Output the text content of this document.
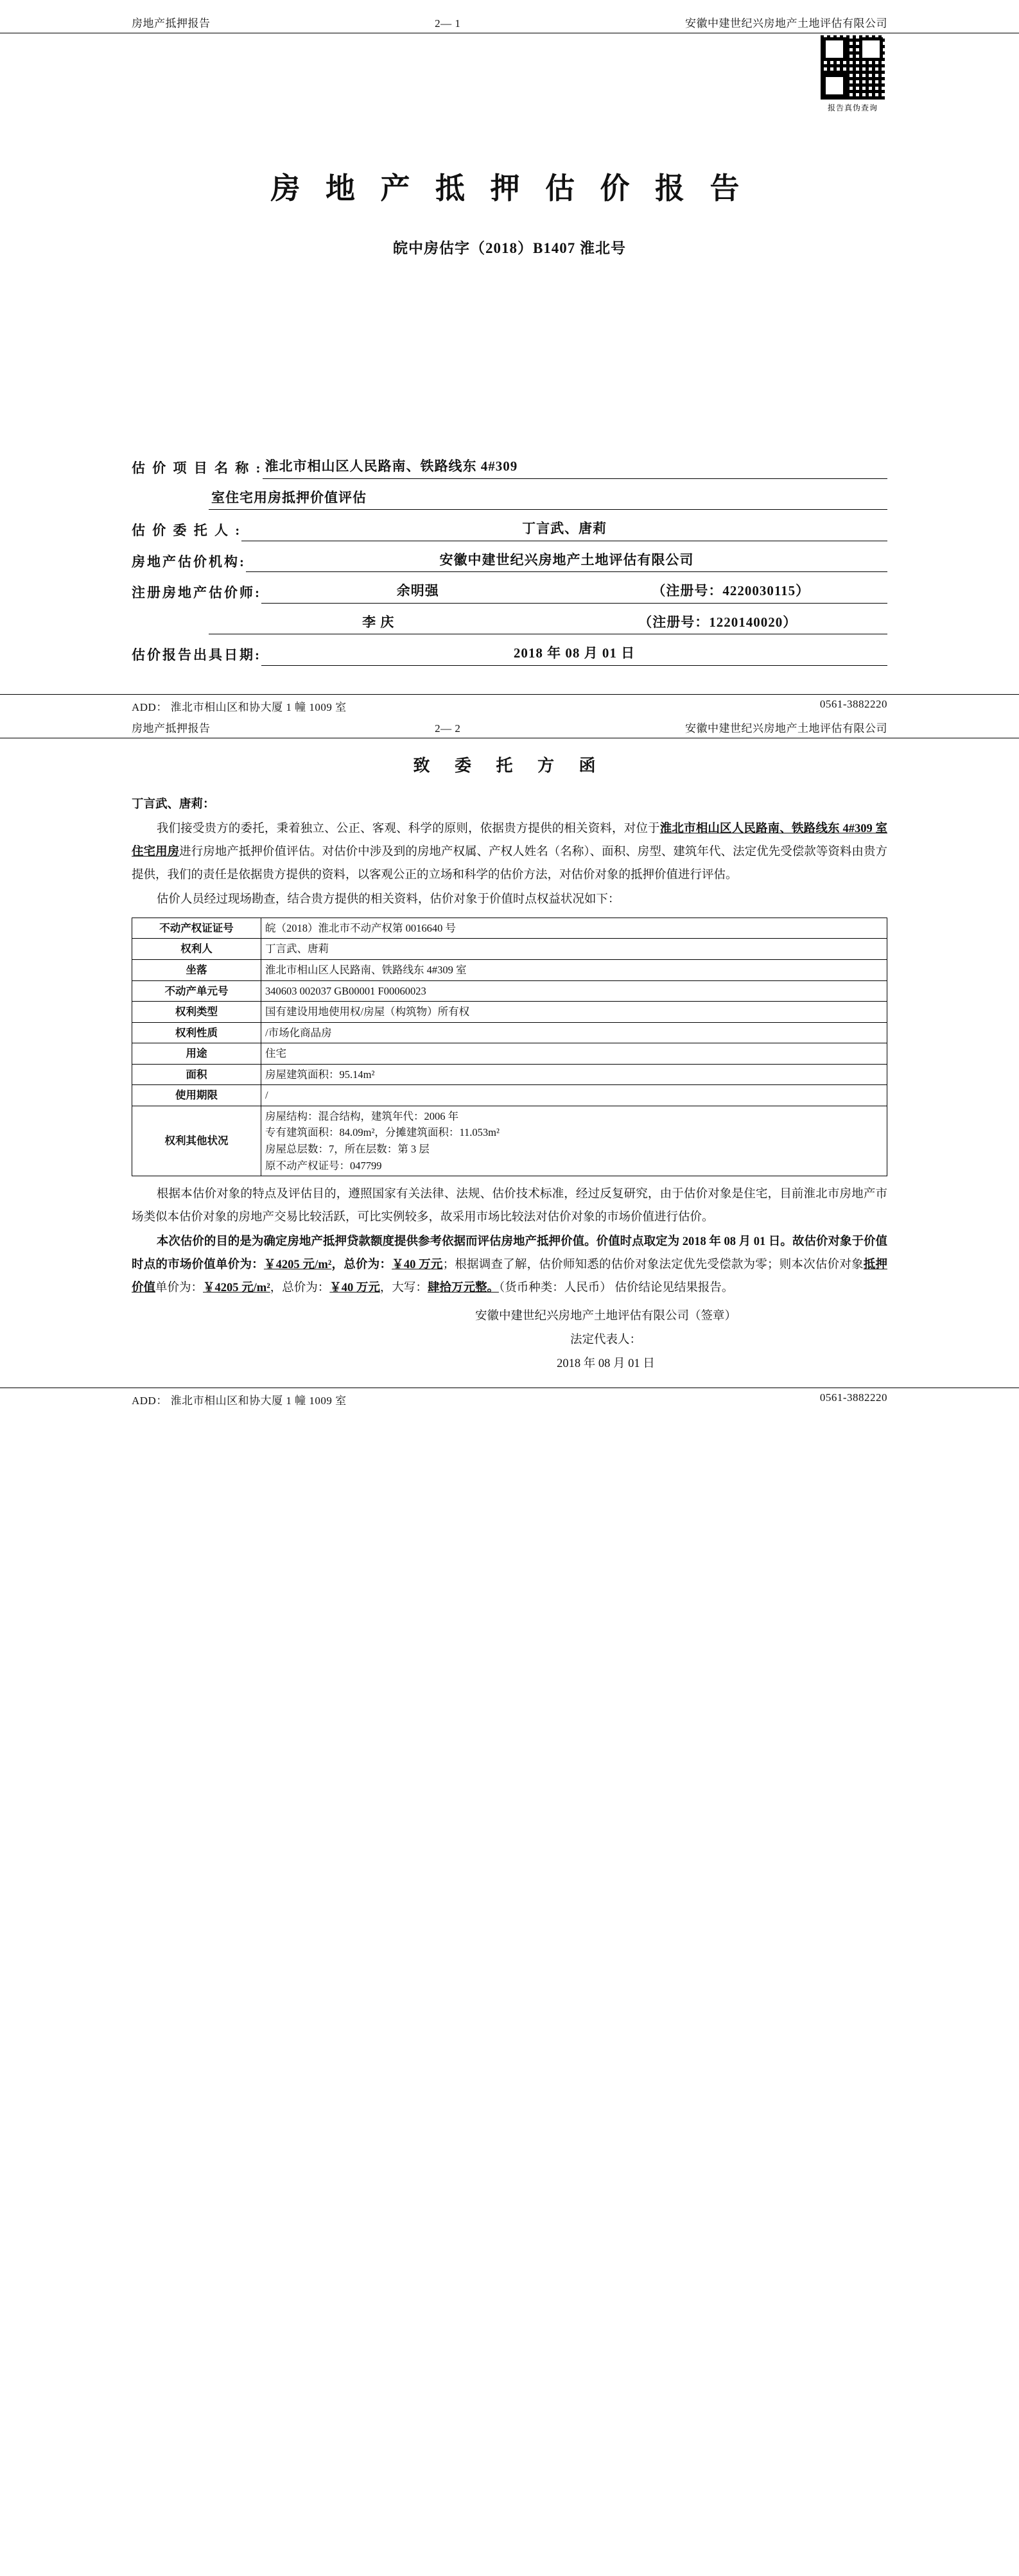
房地产抵押报告	2— 1	安徽中建世纪兴房地产土地评估有限公司
报告真伪查询
房 地 产 抵 押 估 价 报 告
皖中房估字（2018）B1407 淮北号
估 价 项 目 名 称 : 淮北市相山区人民路南、铁路线东 4#309
室住宅用房抵押价值评估
估 价 委 托 人 :	丁言武、唐莉
房地产估价机构:	安徽中建世纪兴房地产土地评估有限公司
注册房地产估价师:	余明强	（注册号：4220030115）
李 庆	（注册号：1220140020）
估价报告出具日期:	2018 年 08 月 01 日
ADD： 淮北市相山区和协大厦 1 幢 1009 室	0561-3882220
房地产抵押报告	2— 2	安徽中建世纪兴房地产土地评估有限公司
致 委 托 方 函

丁言武、唐莉：

我们接受贵方的委托，秉着独立、公正、客观、科学的原则，依据贵方提供的相关资料，对位于淮北市相山区人民路南、铁路线东 4#309 室住宅用房进行房地产抵押价值评估。对估价中涉及到的房地产权属、产权人姓名（名称）、面积、房型、建筑年代、法定优先受偿款等资料由贵方提供，我们的责任是依据贵方提供的资料，以客观公正的立场和科学的估价方法，对估价对象的抵押价值进行评估。

估价人员经过现场勘查，结合贵方提供的相关资料，估价对象于价值时点权益状况如下：

不动产权证证号	皖（2018）淮北市不动产权第 0016640 号
权利人	丁言武、唐莉
坐落	淮北市相山区人民路南、铁路线东 4#309 室
不动产单元号	340603 002037 GB00001 F00060023
权利类型	国有建设用地使用权/房屋（构筑物）所有权
权利性质	/市场化商品房
用途	住宅
面积	房屋建筑面积：95.14m²
使用期限	/
权利其他状况	房屋结构：混合结构，建筑年代：2006 年
专有建筑面积：84.09m²，分摊建筑面积：11.053m²
房屋总层数：7，所在层数：第 3 层
原不动产权证号：047799

根据本估价对象的特点及评估目的，遵照国家有关法律、法规、估价技术标准，经过反复研究，由于估价对象是住宅，目前淮北市房地产市场类似本估价对象的房地产交易比较活跃，可比实例较多，故采用市场比较法对估价对象的市场价值进行估价。

本次估价的目的是为确定房地产抵押贷款额度提供参考依据而评估房地产抵押价值。价值时点取定为 2018 年 08 月 01 日。故估价对象于价值时点的市场价值单价为：￥4205 元/m²，总价为：￥40 万元；根据调查了解，估价师知悉的估价对象法定优先受偿款为零；则本次估价对象抵押价值单价为：￥4205 元/m²，总价为：￥40 万元，大写：肆拾万元整。（货币种类：人民币） 估价结论见结果报告。

安徽中建世纪兴房地产土地评估有限公司（签章）
法定代表人：
2018 年 08 月 01 日
ADD： 淮北市相山区和协大厦 1 幢 1009 室	0561-3882220
